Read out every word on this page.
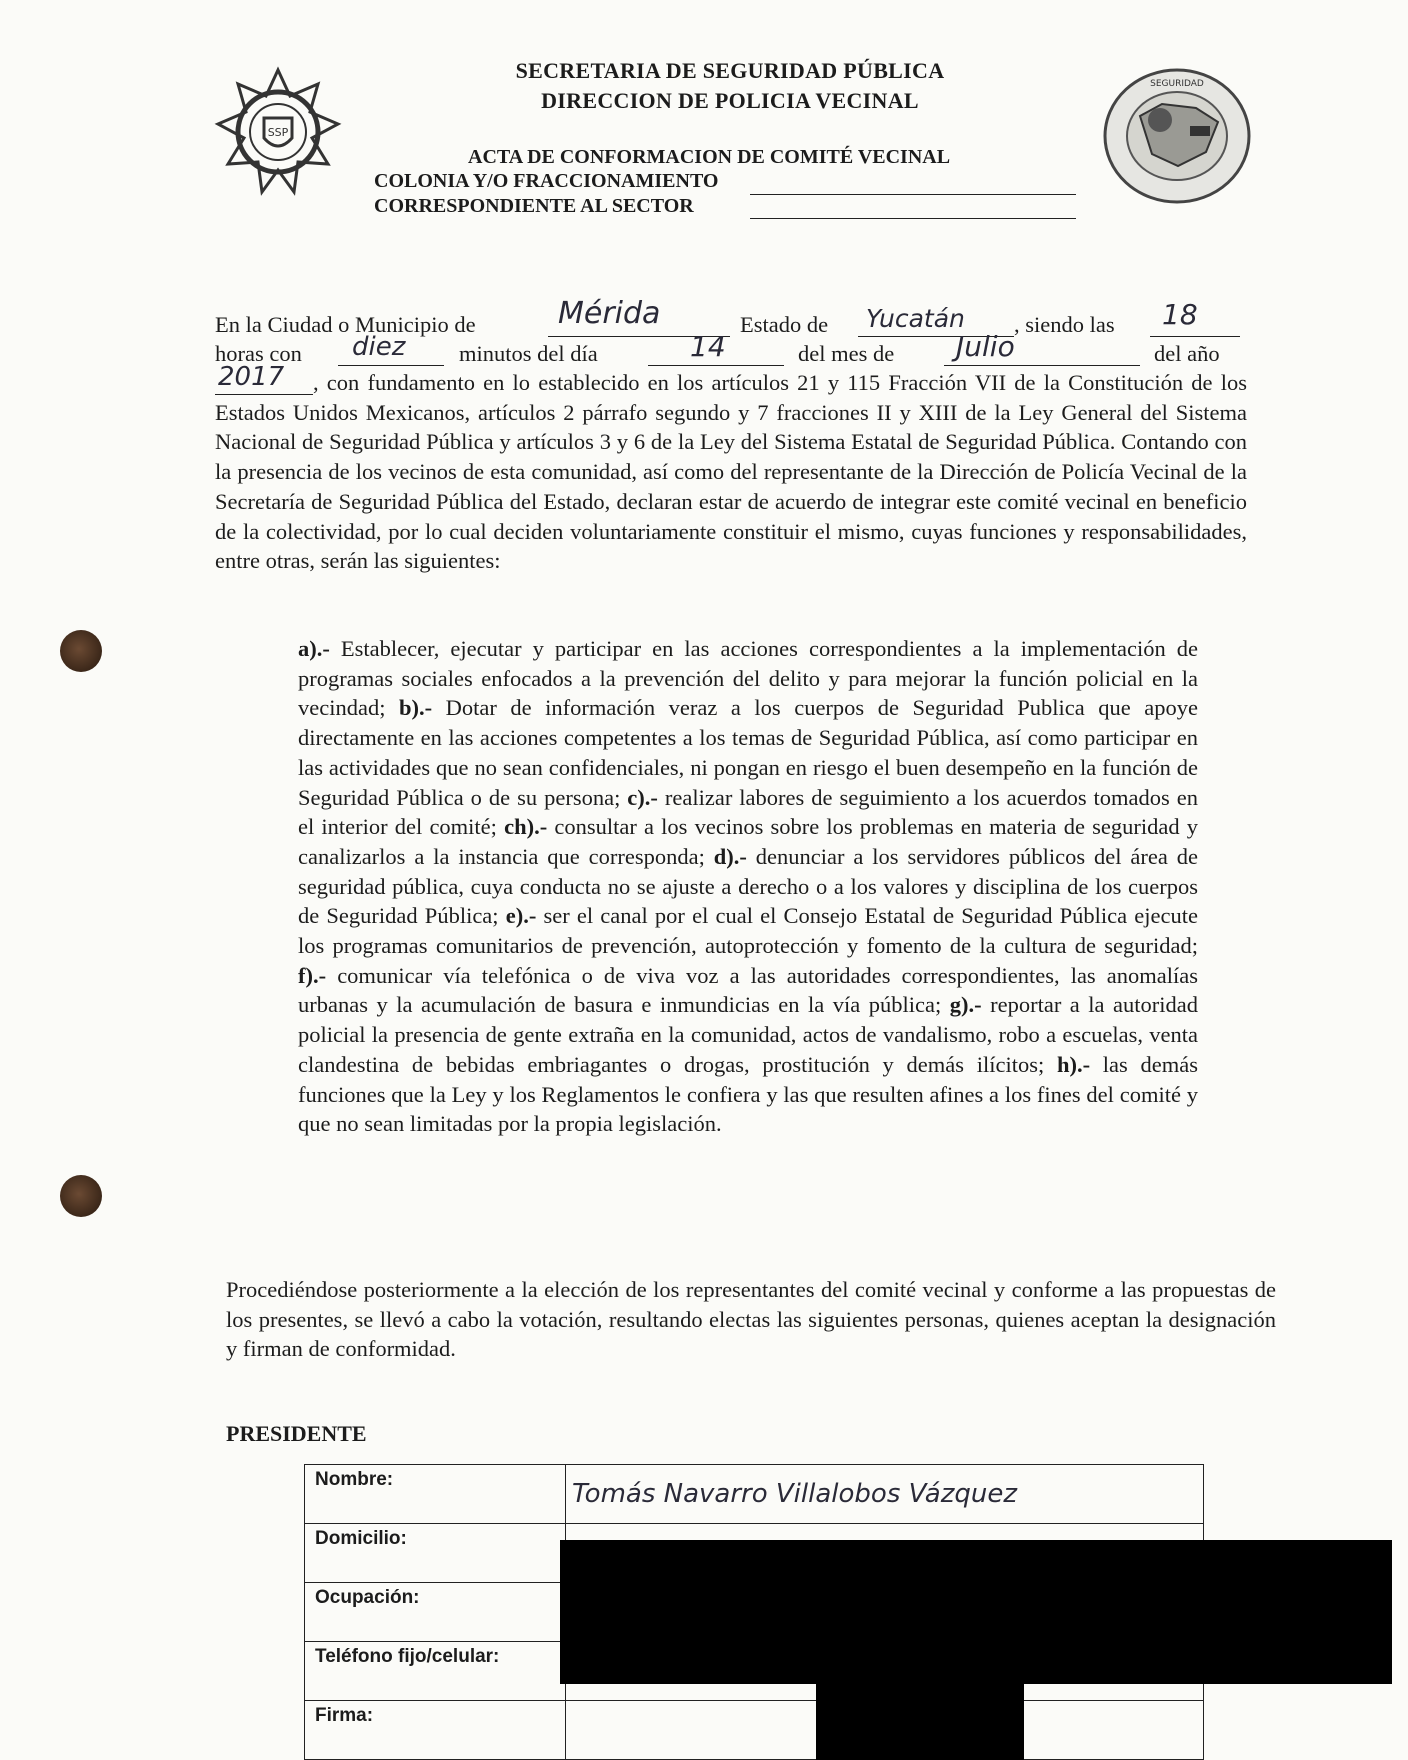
SSP
SEGURIDAD
SECRETARIA DE SEGURIDAD PÚBLICA
DIRECCION DE POLICIA VECINAL
ACTA DE CONFORMACION DE COMITÉ VECINAL
COLONIA Y/O FRACCIONAMIENTO
CORRESPONDIENTE AL SECTOR
En la Ciudad o Municipio de	Mérida	Estado de Yucatán , siendo las 18
horas con diez minutos del día	14	del mes de Julio	del año
2017	, con fundamento en lo establecido en los artículos 21 y 115 Fracción VII de la Constitución de los Estados Unidos Mexicanos, artículos 2 párrafo segundo y 7 fracciones II y XIII de la Ley General del Sistema Nacional de Seguridad Pública y artículos 3 y 6 de la Ley del Sistema Estatal de Seguridad Pública. Contando con la presencia de los vecinos de esta comunidad, así como del representante de la Dirección de Policía Vecinal de la Secretaría de Seguridad Pública del Estado, declaran estar de acuerdo de integrar este comité vecinal en beneficio de la colectividad, por lo cual deciden voluntariamente constituir el mismo, cuyas funciones y responsabilidades, entre otras, serán las siguientes:
a).- Establecer, ejecutar y participar en las acciones correspondientes a la implementación de programas sociales enfocados a la prevención del delito y para mejorar la función policial en la vecindad; b).- Dotar de información veraz a los cuerpos de Seguridad Publica que apoye directamente en las acciones competentes a los temas de Seguridad Pública, así como participar en las actividades que no sean confidenciales, ni pongan en riesgo el buen desempeño en la función de Seguridad Pública o de su persona; c).- realizar labores de seguimiento a los acuerdos tomados en el interior del comité; ch).- consultar a los vecinos sobre los problemas en materia de seguridad y canalizarlos a la instancia que corresponda; d).- denunciar a los servidores públicos del área de seguridad pública, cuya conducta no se ajuste a derecho o a los valores y disciplina de los cuerpos de Seguridad Pública; e).- ser el canal por el cual el Consejo Estatal de Seguridad Pública ejecute los programas comunitarios de prevención, autoprotección y fomento de la cultura de seguridad; f).- comunicar vía telefónica o de viva voz a las autoridades correspondientes, las anomalías urbanas y la acumulación de basura e inmundicias en la vía pública; g).- reportar a la autoridad policial la presencia de gente extraña en la comunidad, actos de vandalismo, robo a escuelas, venta clandestina de bebidas embriagantes o drogas, prostitución y demás ilícitos; h).- las demás funciones que la Ley y los Reglamentos le confiera y las que resulten afines a los fines del comité y que no sean limitadas por la propia legislación.
Procediéndose posteriormente a la elección de los representantes del comité vecinal y conforme a las propuestas de los presentes, se llevó a cabo la votación, resultando electas las siguientes personas, quienes aceptan la designación y firman de conformidad.
PRESIDENTE
Nombre:	Tomás Navarro Villalobos Vázquez

Domicilio:	
Ocupación:	
Teléfono fijo/celular:	
Firma:	
